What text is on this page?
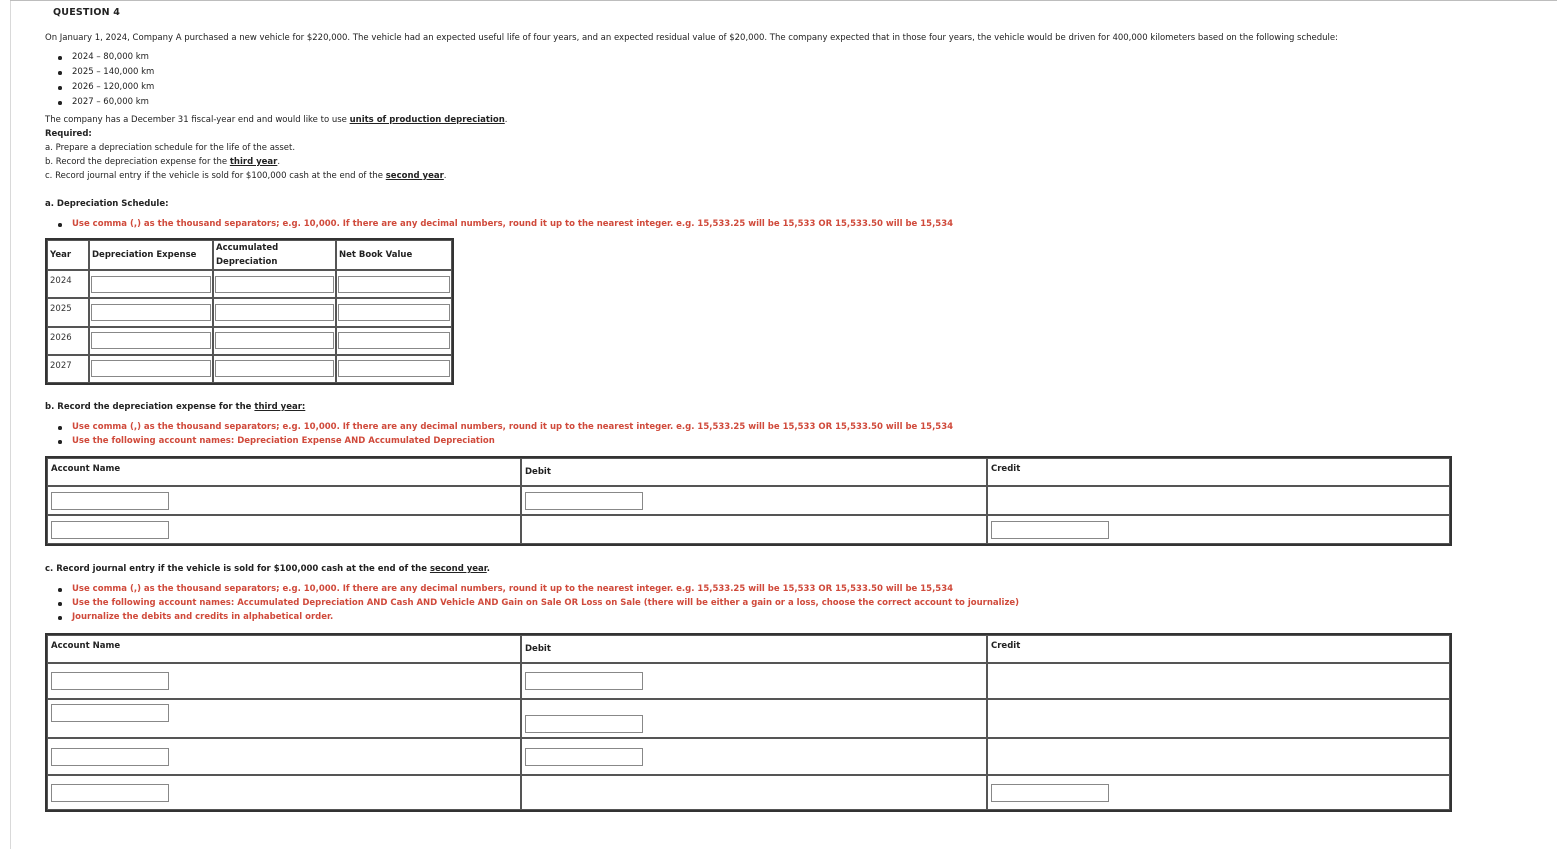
QUESTION 4
On January 1, 2024, Company A purchased a new vehicle for $220,000. The vehicle had an expected useful life of four years, and an expected residual value of $20,000. The company expected that in those four years, the vehicle would be driven for 400,000 kilometers based on the following schedule:
2024 – 80,000 km
2025 – 140,000 km
2026 – 120,000 km
2027 – 60,000 km
The company has a December 31 fiscal-year end and would like to use units of production depreciation.
Required:
a. Prepare a depreciation schedule for the life of the asset.
b. Record the depreciation expense for the third year.
c. Record journal entry if the vehicle is sold for $100,000 cash at the end of the second year.
a. Depreciation Schedule:
Use comma (,) as the thousand separators; e.g. 10,000. If there are any decimal numbers, round it up to the nearest integer. e.g. 15,533.25 will be 15,533 OR 15,533.50 will be 15,534
Year	Depreciation Expense	Accumulated Depreciation	Net Book Value
2024	

2025	

2026	

2027	

b. Record the depreciation expense for the third year:
Use comma (,) as the thousand separators; e.g. 10,000. If there are any decimal numbers, round it up to the nearest integer. e.g. 15,533.25 will be 15,533 OR 15,533.50 will be 15,534
Use the following account names: Depreciation Expense AND Accumulated Depreciation
Account Name	Debit	Credit

c. Record journal entry if the vehicle is sold for $100,000 cash at the end of the second year.
Use comma (,) as the thousand separators; e.g. 10,000. If there are any decimal numbers, round it up to the nearest integer. e.g. 15,533.25 will be 15,533 OR 15,533.50 will be 15,534
Use the following account names: Accumulated Depreciation AND Cash AND Vehicle AND Gain on Sale OR Loss on Sale (there will be either a gain or a loss, choose the correct account to journalize)
Journalize the debits and credits in alphabetical order.
Account Name	Debit	Credit
